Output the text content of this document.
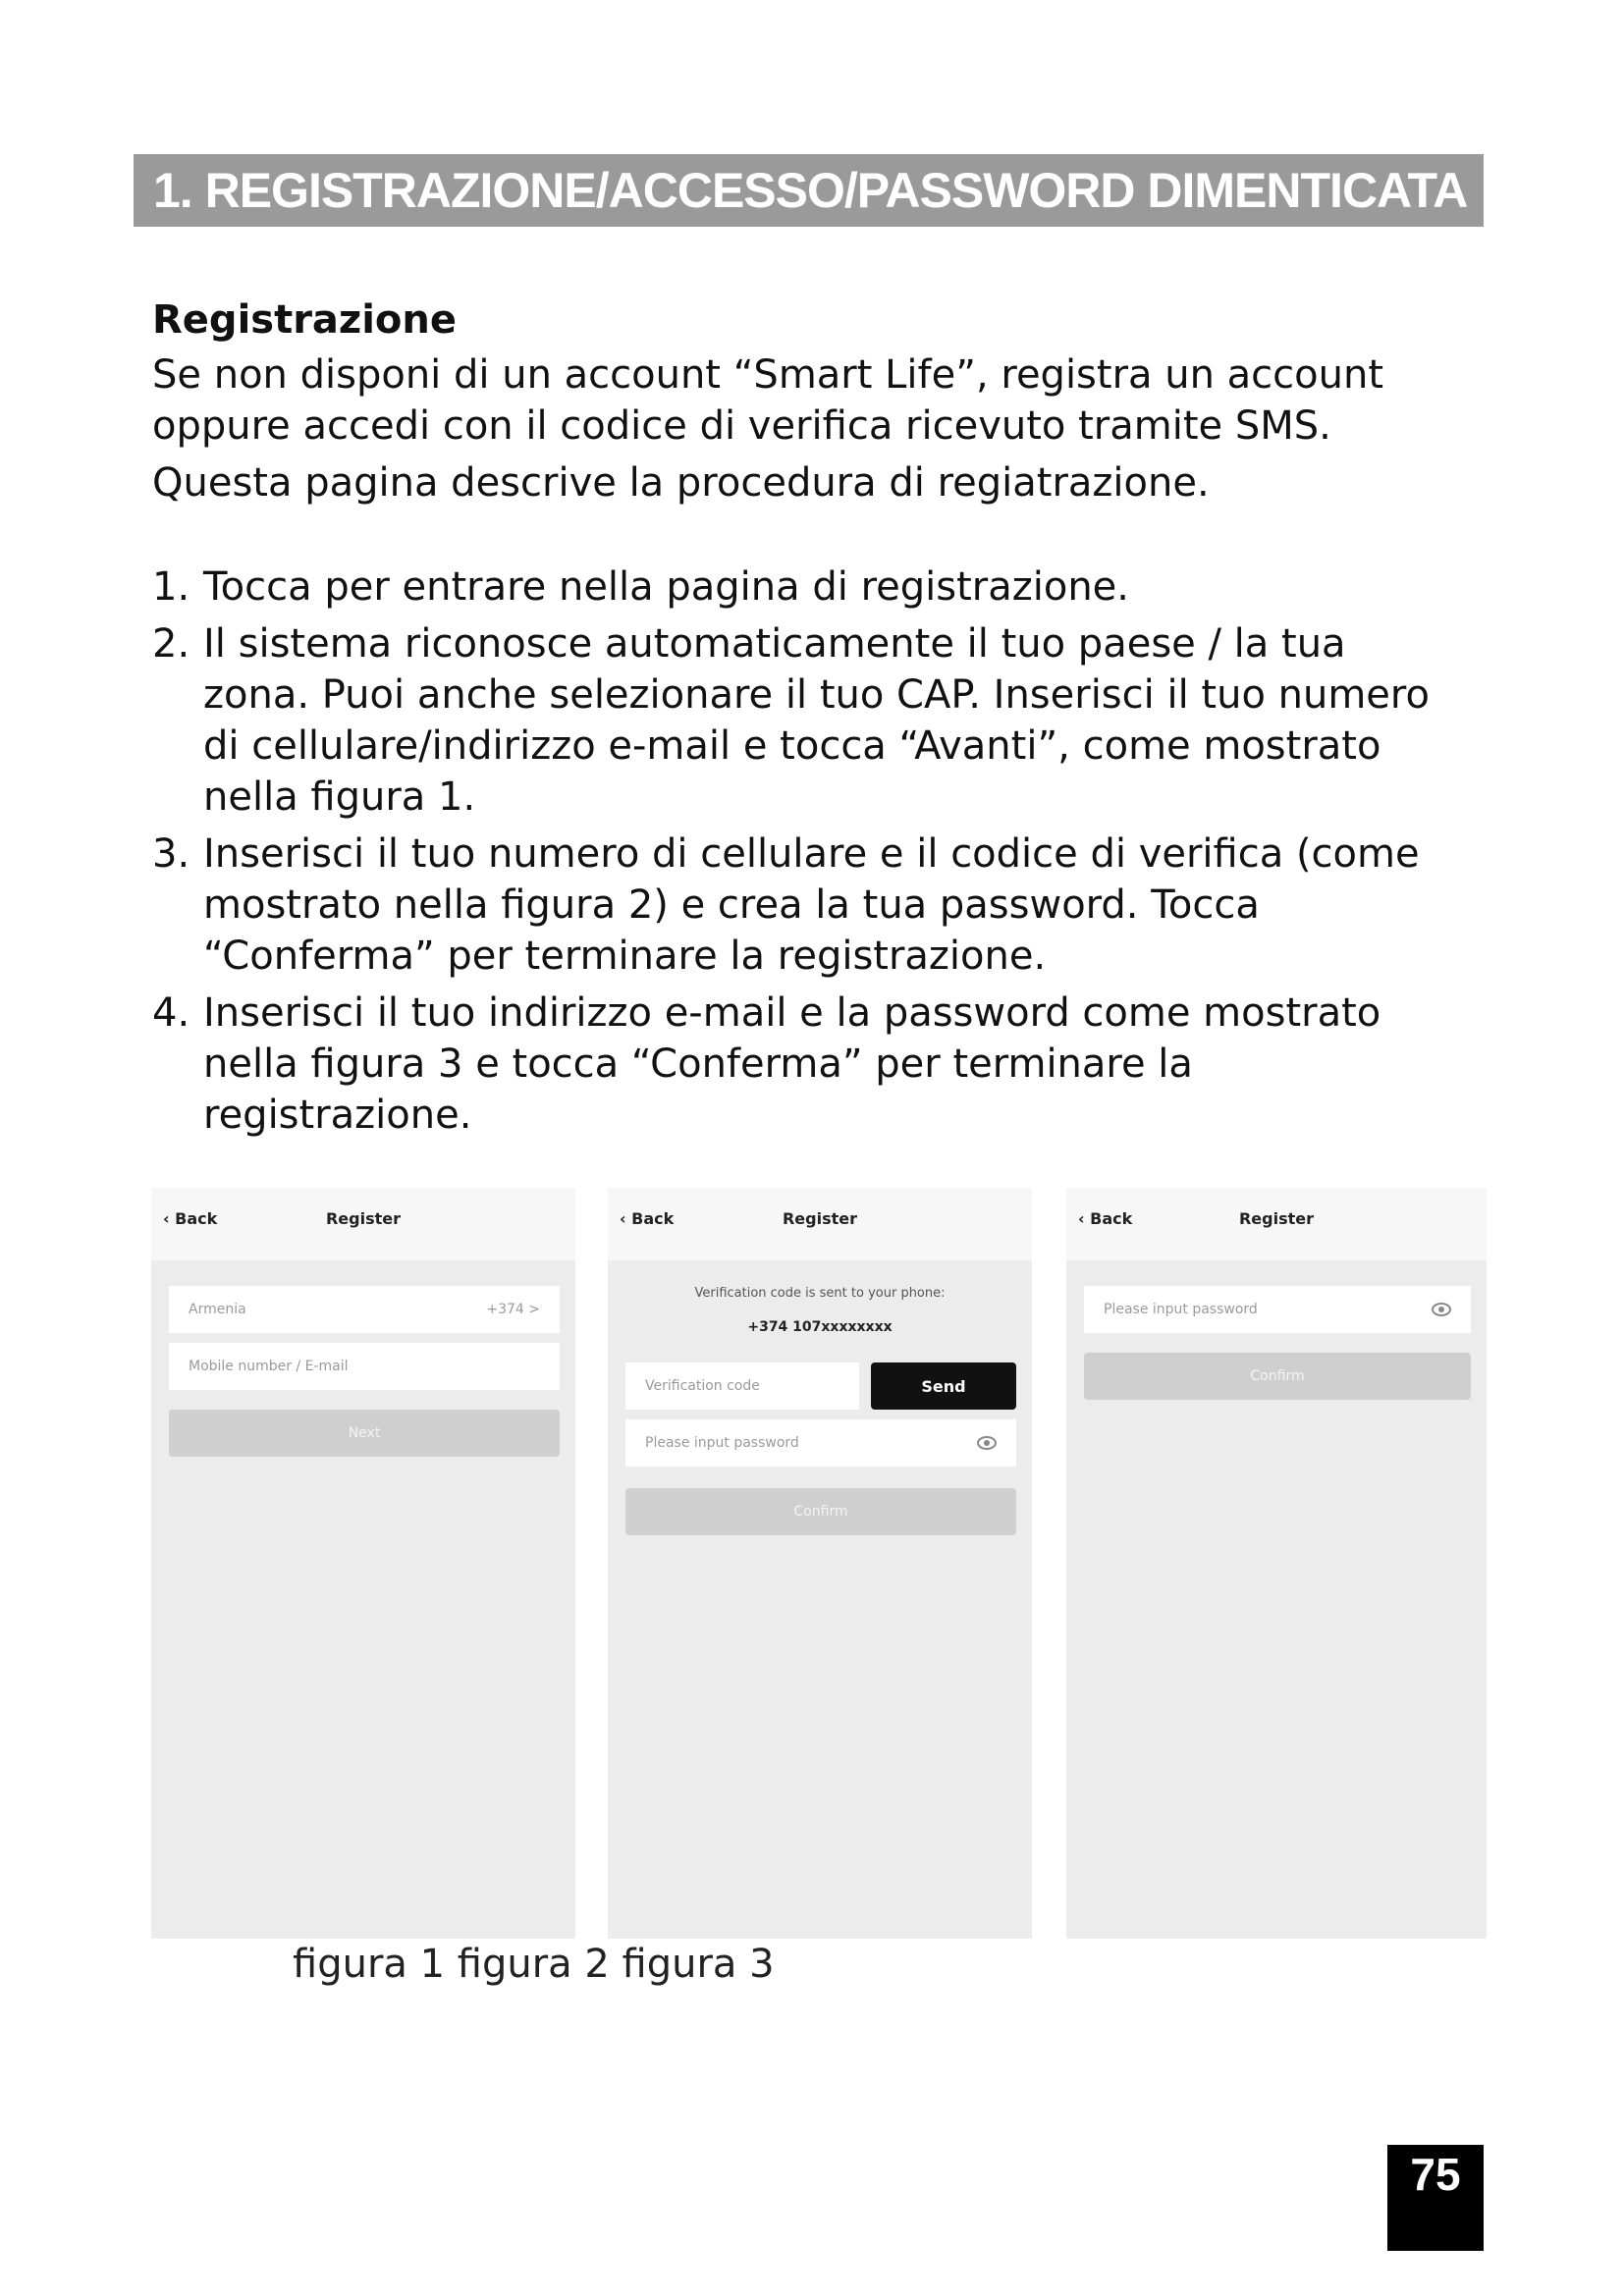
1. REGISTRAZIONE/ACCESSO/PASSWORD DIMENTICATA
Registrazione
Se non disponi di un account “Smart Life”, registra un account
oppure accedi con il codice di verifica ricevuto tramite SMS.
Questa pagina descrive la procedura di regiatrazione.
1. Tocca per entrare nella pagina di registrazione.
2. Il sistema riconosce automaticamente il tuo paese / la tua zona. Puoi anche selezionare il tuo CAP. Inserisci il tuo numero di cellulare/indirizzo e-mail e tocca “Avanti”, come mostrato nella figura 1.
3. Inserisci il tuo numero di cellulare e il codice di verifica (come mostrato nella figura 2) e crea la tua password. Tocca “Conferma” per terminare la registrazione.
4. Inserisci il tuo indirizzo e-mail e la password come mostrato nella figura 3 e tocca “Conferma” per terminare la registrazione.
‹ Back	Register
Armenia	+374 >
Mobile number / E-mail
Next
‹ Back	Register
Verification code is sent to your phone:
+374 107xxxxxxxx
Verification code	Send
Please input password
Confirm
‹ Back	Register
Please input password
Confirm
figura 1 figura 2 figura 3
75
